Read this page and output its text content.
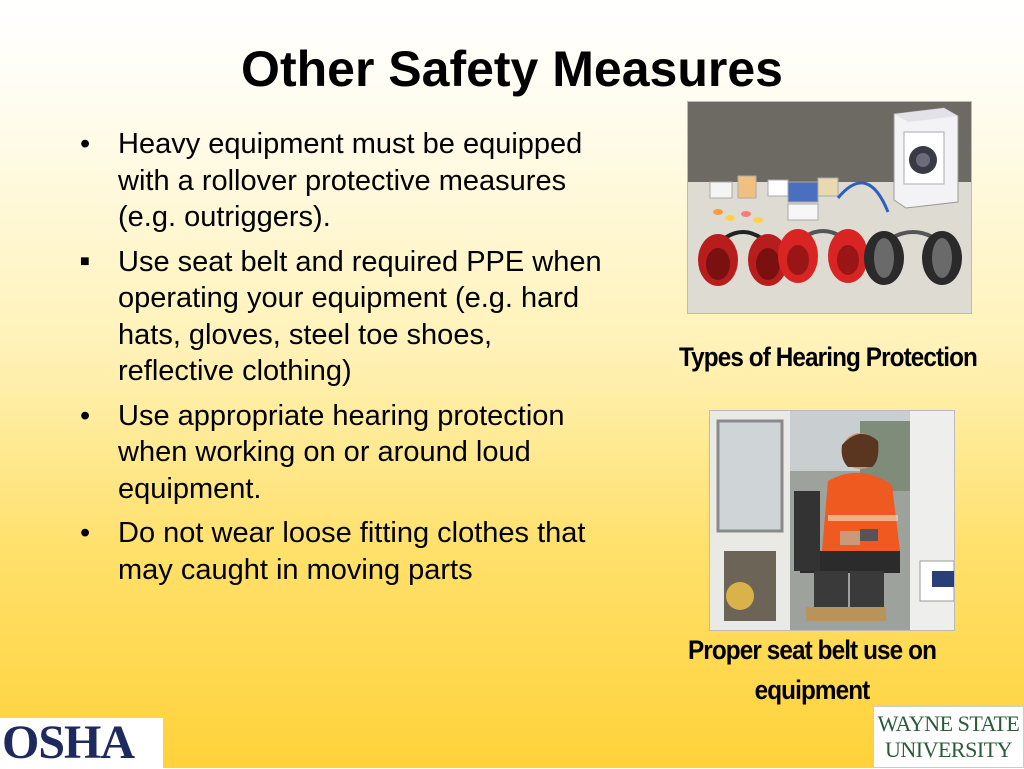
Other Safety Measures
• Heavy equipment must be equipped with a rollover protective measures (e.g. outriggers).
■ Use seat belt and required PPE when operating your equipment (e.g. hard hats, gloves, steel toe shoes, reflective clothing)
• Use appropriate hearing protection when working on or around loud equipment.
• Do not wear loose fitting clothes that may caught in moving parts
Types of Hearing Protection
Proper seat belt use on equipment
OSHA	WAYNE STATE
UNIVERSITY
